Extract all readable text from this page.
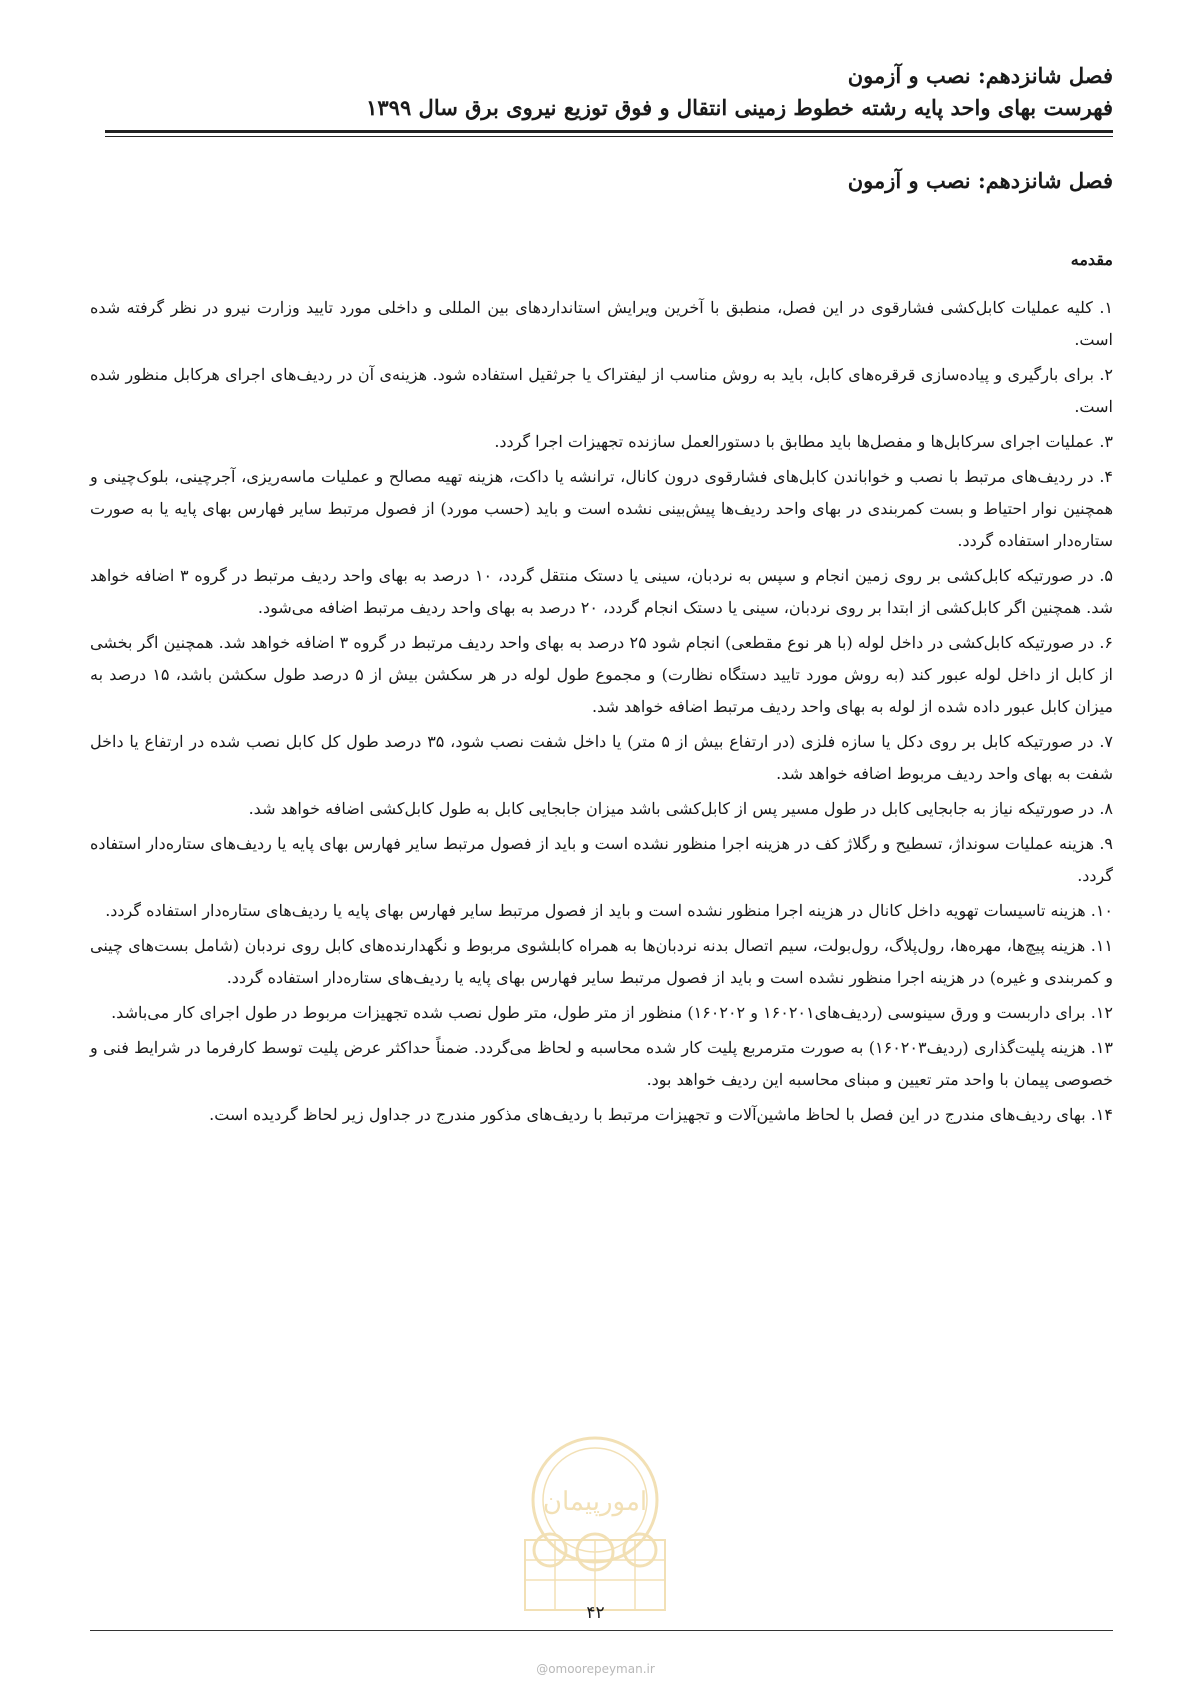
فصل شانزدهم: نصب و آزمون
فهرست بهای واحد پایه رشته خطوط زمینی انتقال و فوق توزیع نیروی برق سال ۱۳۹۹
فصل شانزدهم: نصب و آزمون
مقدمه
۱. کلیه عملیات کابل‌کشی فشارقوی در این فصل، منطبق با آخرین ویرایش استانداردهای بین المللی و داخلی مورد تایید وزارت نیرو در نظر گرفته شده است.
۲. برای بارگیری و پیاده‌سازی قرقره‌های کابل، باید به روش مناسب از لیفتراک یا جرثقیل استفاده شود. هزینه‌ی آن در ردیف‌های اجرای هرکابل منظور شده است.
۳. عملیات اجرای سرکابل‌ها و مفصل‌ها باید مطابق با دستورالعمل سازنده تجهیزات اجرا گردد.
۴. در ردیف‌های مرتبط با نصب و خواباندن کابل‌های فشارقوی درون کانال، ترانشه یا داکت، هزینه تهیه مصالح و عملیات ماسه‌ریزی، آجرچینی، بلوک‌چینی و همچنین نوار احتیاط و بست کمربندی در بهای واحد ردیف‌ها پیش‌بینی نشده است و باید (حسب مورد) از فصول مرتبط سایر فهارس بهای پایه یا به صورت ستاره‌دار استفاده گردد.
۵. در صورتیکه کابل‌کشی بر روی زمین انجام و سپس به نردبان، سینی یا دستک منتقل گردد، ۱۰ درصد به بهای واحد ردیف مرتبط در گروه ۳ اضافه خواهد شد. همچنین اگر کابل‌کشی از ابتدا بر روی نردبان، سینی یا دستک انجام گردد، ۲۰ درصد به بهای واحد ردیف مرتبط اضافه می‌شود.
۶. در صورتیکه کابل‌کشی در داخل لوله (با هر نوع مقطعی) انجام شود ۲۵ درصد به بهای واحد ردیف مرتبط در گروه ۳ اضافه خواهد شد. همچنین اگر بخشی از کابل از داخل لوله عبور کند (به روش مورد تایید دستگاه نظارت) و مجموع طول لوله در هر سکشن بیش از ۵ درصد طول سکشن باشد، ۱۵ درصد به میزان کابل عبور داده شده از لوله به بهای واحد ردیف مرتبط اضافه خواهد شد.
۷. در صورتیکه کابل بر روی دکل یا سازه فلزی (در ارتفاع بیش از ۵ متر) یا داخل شفت نصب شود، ۳۵ درصد طول کل کابل نصب شده در ارتفاع یا داخل شفت به بهای واحد ردیف مربوط اضافه خواهد شد.
۸. در صورتیکه نیاز به جابجایی کابل در طول مسیر پس از کابل‌کشی باشد میزان جابجایی کابل به طول کابل‌کشی اضافه خواهد شد.
۹. هزینه عملیات سونداژ، تسطیح و رگلاژ کف در هزینه اجرا منظور نشده است و باید از فصول مرتبط سایر فهارس بهای پایه یا ردیف‌های ستاره‌دار استفاده گردد.
۱۰. هزینه تاسیسات تهویه داخل کانال در هزینه اجرا منظور نشده است و باید از فصول مرتبط سایر فهارس بهای پایه یا ردیف‌های ستاره‌دار استفاده گردد.
۱۱. هزینه پیچ‌ها، مهره‌ها، رول‌پلاگ، رول‌بولت، سیم اتصال بدنه نردبان‌ها به همراه کابلشوی مربوط و نگهدارنده‌های کابل روی نردبان (شامل بست‌های چینی و کمربندی و غیره) در هزینه اجرا منظور نشده است و باید از فصول مرتبط سایر فهارس بهای پایه یا ردیف‌های ستاره‌دار استفاده گردد.
۱۲. برای داربست و ورق سینوسی (ردیف‌های۱۶۰۲۰۱ و ۱۶۰۲۰۲) منظور از متر طول، متر طول نصب شده تجهیزات مربوط در طول اجرای کار می‌باشد.
۱۳. هزینه پلیت‌گذاری (ردیف۱۶۰۲۰۳) به صورت مترمربع پلیت کار شده محاسبه و لحاظ می‌گردد. ضمناً حداکثر عرض پلیت توسط کارفرما در شرایط فنی و خصوصی پیمان با واحد متر تعیین و مبنای محاسبه این ردیف خواهد بود.
۱۴. بهای ردیف‌های مندرج در این فصل با لحاظ ماشین‌آلات و تجهیزات مرتبط با ردیف‌های مذکور مندرج در جداول زیر لحاظ گردیده است.
امورپیمان
۴۲
@omoorepeyman.ir
